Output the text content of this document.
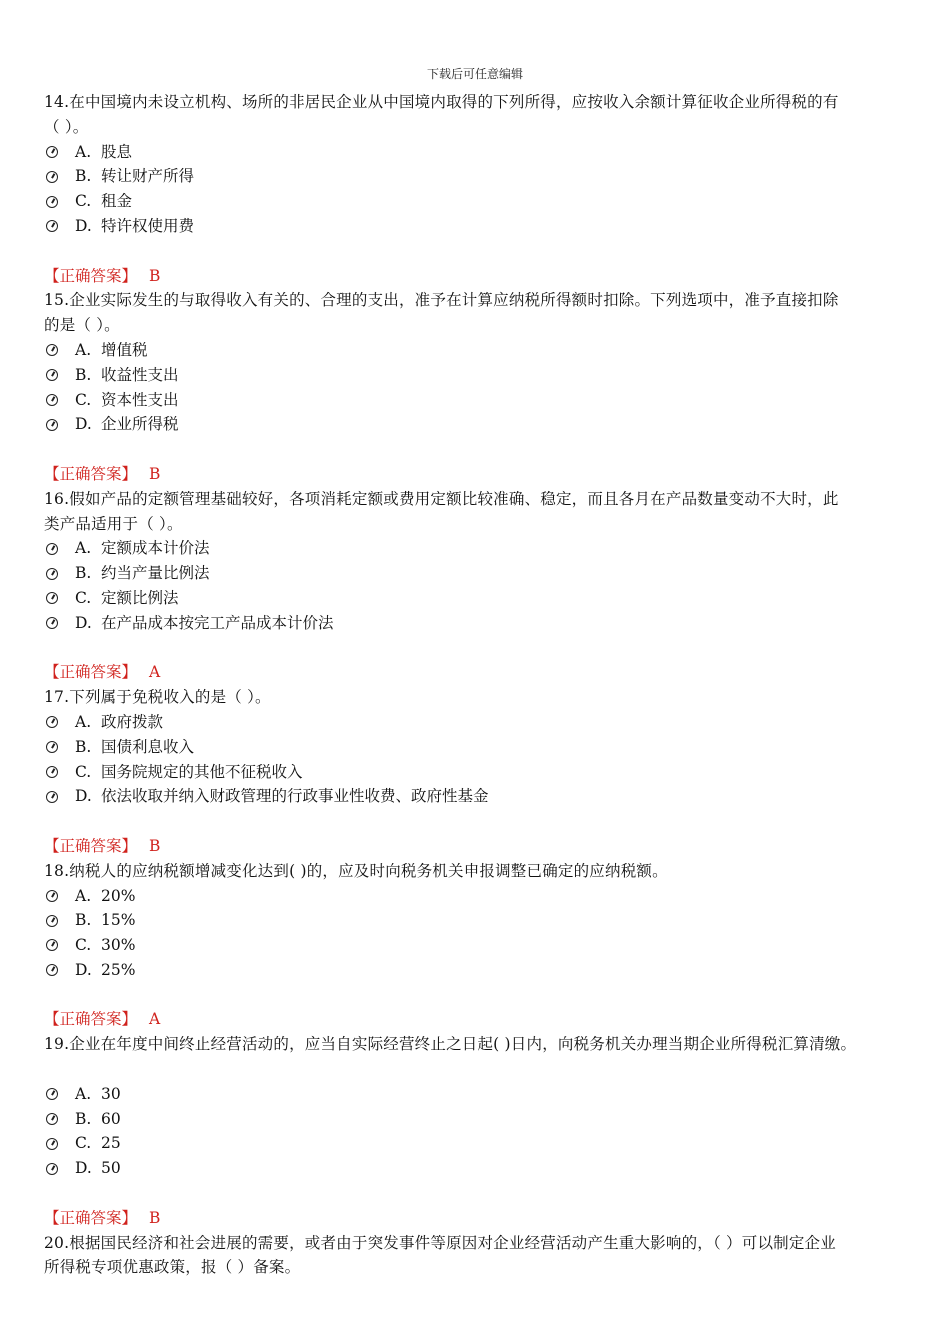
下载后可任意编辑
14.在中国境内未设立机构、场所的非居民企业从中国境内取得的下列所得，应按收入余额计算征收企业所得税的有
（ ）。
A. 股息
B. 转让财产所得
C. 租金
D. 特许权使用费
【正确答案】 B
15.企业实际发生的与取得收入有关的、合理的支出，准予在计算应纳税所得额时扣除。下列选项中，准予直接扣除
的是（ ）。
A. 增值税
B. 收益性支出
C. 资本性支出
D. 企业所得税
【正确答案】 B
16.假如产品的定额管理基础较好，各项消耗定额或费用定额比较准确、稳定，而且各月在产品数量变动不大时，此
类产品适用于（ ）。
A. 定额成本计价法
B. 约当产量比例法
C. 定额比例法
D. 在产品成本按完工产品成本计价法
【正确答案】 A
17.下列属于免税收入的是（ ）。
A. 政府拨款
B. 国债利息收入
C. 国务院规定的其他不征税收入
D. 依法收取并纳入财政管理的行政事业性收费、政府性基金
【正确答案】 B
18.纳税人的应纳税额增减变化达到( )的，应及时向税务机关申报调整已确定的应纳税额。
A. 20%
B. 15%
C. 30%
D. 25%
【正确答案】 A
19.企业在年度中间终止经营活动的，应当自实际经营终止之日起( )日内，向税务机关办理当期企业所得税汇算清缴。

A. 30
B. 60
C. 25
D. 50
【正确答案】 B
20.根据国民经济和社会进展的需要，或者由于突发事件等原因对企业经营活动产生重大影响的，（ ）可以制定企业
所得税专项优惠政策，报（ ）备案。
